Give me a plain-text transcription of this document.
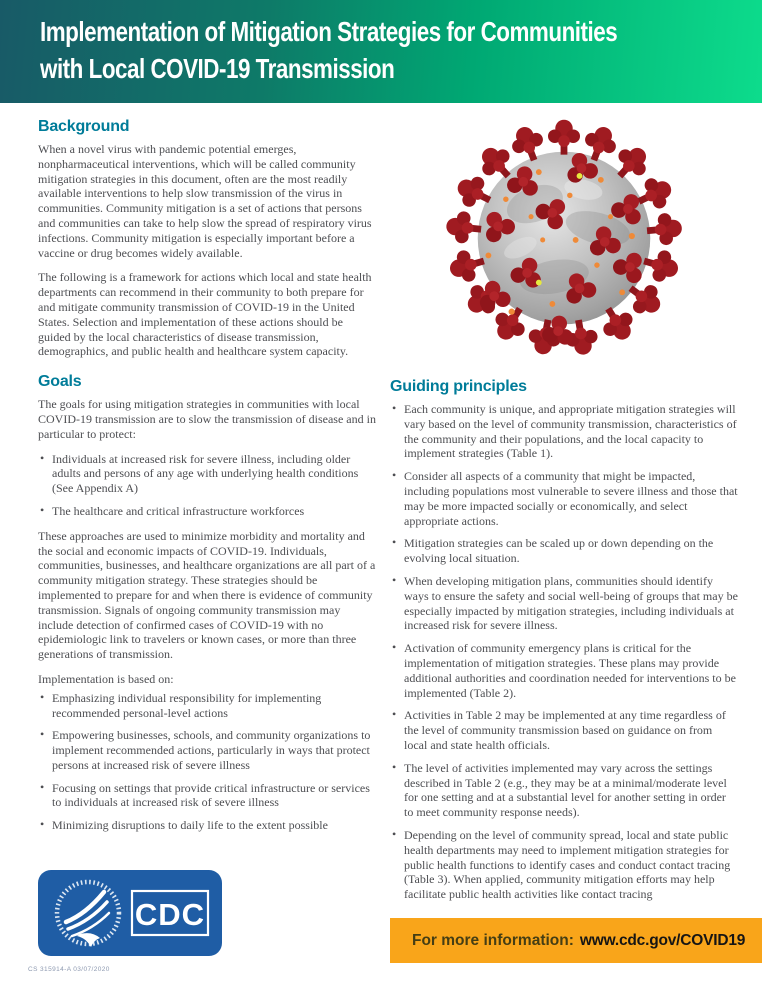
Implementation of Mitigation Strategies for Communities
with Local COVID-19 Transmission
Background

When a novel virus with pandemic potential emerges, nonpharmaceutical interventions, which will be called community mitigation strategies in this document, often are the most readily available interventions to help slow transmission of the virus in communities. Community mitigation is a set of actions that persons and communities can take to help slow the spread of respiratory virus infections. Community mitigation is especially important before a vaccine or drug becomes widely available.

The following is a framework for actions which local and state health departments can recommend in their community to both prepare for and mitigate community transmission of COVID-19 in the United States. Selection and implementation of these actions should be guided by the local characteristics of disease transmission, demographics, and public health and healthcare system capacity.

Goals

The goals for using mitigation strategies in communities with local COVID-19 transmission are to slow the transmission of disease and in particular to protect:

• Individuals at increased risk for severe illness, including older adults and persons of any age with underlying health conditions (See Appendix A)
• The healthcare and critical infrastructure workforces

These approaches are used to minimize morbidity and mortality and the social and economic impacts of COVID-19. Individuals, communities, businesses, and healthcare organizations are all part of a community mitigation strategy. These strategies should be implemented to prepare for and when there is evidence of community transmission. Signals of ongoing community transmission may include detection of confirmed cases of COVID-19 with no epidemiologic link to travelers or known cases, or more than three generations of transmission.

Implementation is based on:

• Emphasizing individual responsibility for implementing recommended personal-level actions
• Empowering businesses, schools, and community organizations to implement recommended actions, particularly in ways that protect persons at increased risk of severe illness
• Focusing on settings that provide critical infrastructure or services to individuals at increased risk of severe illness
• Minimizing disruptions to daily life to the extent possible
Guiding principles
• Each community is unique, and appropriate mitigation strategies will vary based on the level of community transmission, characteristics of the community and their populations, and the local capacity to implement strategies (Table 1).
• Consider all aspects of a community that might be impacted, including populations most vulnerable to severe illness and those that may be more impacted socially or economically, and select appropriate actions.
• Mitigation strategies can be scaled up or down depending on the evolving local situation.
• When developing mitigation plans, communities should identify ways to ensure the safety and social well-being of groups that may be especially impacted by mitigation strategies, including individuals at increased risk for severe illness.
• Activation of community emergency plans is critical for the implementation of mitigation strategies. These plans may provide additional authorities and coordination needed for interventions to be implemented (Table 2).
• Activities in Table 2 may be implemented at any time regardless of the level of community transmission based on guidance on from local and state health officials.
• The level of activities implemented may vary across the settings described in Table 2 (e.g., they may be at a minimal/moderate level for one setting and at a substantial level for another setting in order to meet community response needs).
• Depending on the level of community spread, local and state public health departments may need to implement mitigation strategies for public health functions to identify cases and conduct contact tracing (Table 3). When applied, community mitigation efforts may help facilitate public health activities like contact tracing
CDC
CS 315914-A 03/07/2020
For more information: www.cdc.gov/COVID19
